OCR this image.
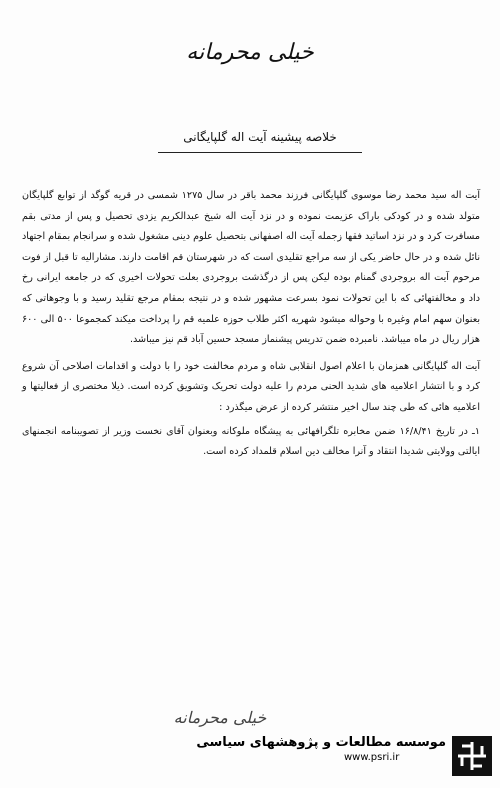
خیلی محرمانه
خلاصه پیشینه آیت اله گلپایگانی

آیت اله سید محمد رضا موسوی گلپایگانی فرزند محمد باقر در سال ۱۲۷۵ شمسی در قریه گوگد از توابع گلپایگان متولد شده و در کودکی باراک عزیمت نموده و در نزد آیت اله شیخ عبدالکریم یزدی تحصیل و پس از مدتی بقم مسافرت کرد و در نزد اساتید فقها زجمله آیت اله اصفهانی بتحصیل علوم دینی مشغول شده و سرانجام بمقام اجتهاد نائل شده و در حال حاضر یکی از سه مراجع تقلیدی است که در شهرستان قم اقامت دارند. مشارالیه تا قبل از فوت مرحوم آیت اله بروجردی گمنام بوده لیکن پس از درگذشت بروجردی بعلت تحولات اخیری که در جامعه ایرانی رخ داد و مخالفتهائی که با این تحولات نمود بسرعت مشهور شده و در نتیجه بمقام مرجع تقلید رسید و با وجوهاتی که بعنوان سهم امام وغیره با وحواله میشود شهریه اکثر طلاب حوزه علمیه قم را پرداخت میکند کمجموعا ۵۰۰ الی ۶۰۰ هزار ریال در ماه میباشد. نامبرده ضمن تدریس پیشنماز مسجد حسین آباد قم نیز میباشد.

آیت اله گلپایگانی همزمان با اعلام اصول انقلابی شاه و مردم مخالفت خود را با دولت و اقدامات اصلاحی آن شروع کرد و با انتشار اعلامیه های شدید الحنی مردم را علیه دولت تحریک وتشویق کرده است. ذیلا مختصری از فعالیتها و اعلامیه هائی که طی چند سال اخیر منتشر کرده از عرض میگذرد :

۱ـ در تاریخ ۱۶/۸/۴۱ ضمن مخابره تلگرافهائی به پیشگاه ملوکانه وبعنوان آقای نخست وزیر از تصویبنامه انجمنهای ایالتی وولایتی شدیدا انتقاد و آنرا مخالف دین اسلام قلمداد کرده است.

خیلی محرمانه
موسسه مطالعات و پژوهشهای سیاسی
www.psri.ir
